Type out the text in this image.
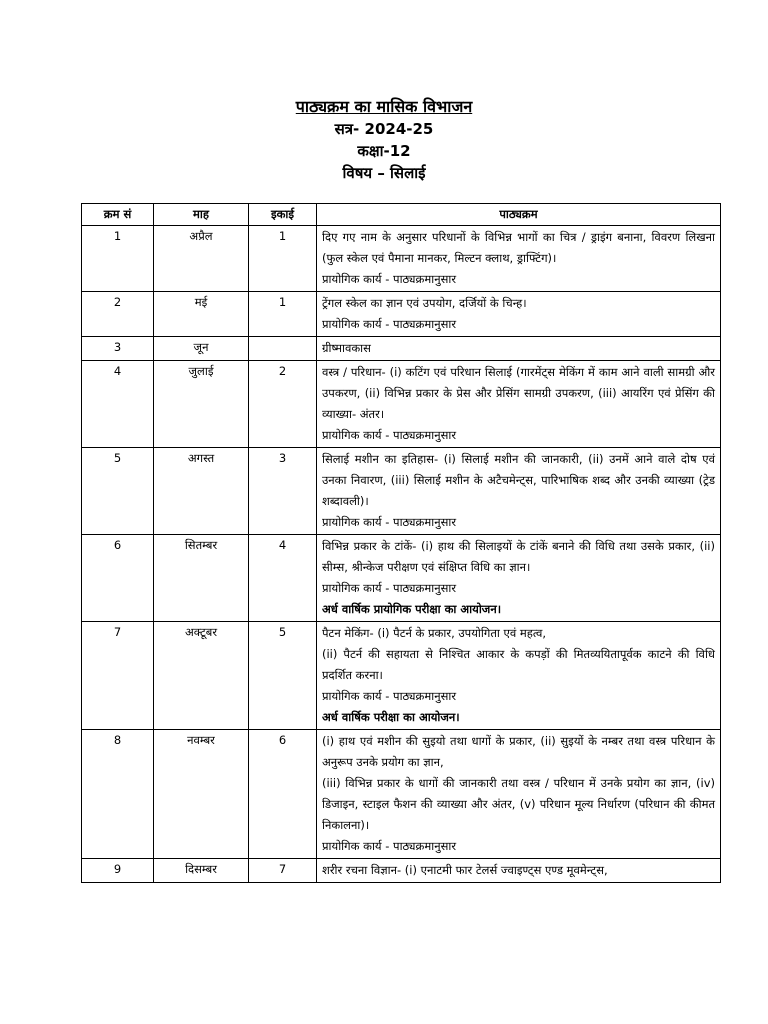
पाठ्यक्रम का मासिक विभाजन
सत्र- 2024-25
कक्षा-12
विषय – सिलाई
क्रम सं	माह	इकाई	पाठ्यक्रम
1	अप्रैल	1	दिए गए नाम के अनुसार परिधानों के विभिन्न भागों का चित्र / ड्राइंग बनाना, विवरण लिखना (फुल स्केल एवं पैमाना मानकर, मिल्टन क्लाथ, ड्राफ्टिंग)।
प्रायोगिक कार्य - पाठ्यक्रमानुसार

2	मई	1	ट्रेंगल स्केल का ज्ञान एवं उपयोग, दर्जियों के चिन्ह।
प्रायोगिक कार्य - पाठ्यक्रमानुसार

3	जून		ग्रीष्मावकास

4	जुलाई	2	वस्त्र / परिधान- (i) कटिंग एवं परिधान सिलाई (गारमेंट्स मेकिंग में काम आने वाली सामग्री और उपकरण, (ii) विभिन्न प्रकार के प्रेस और प्रेसिंग सामग्री उपकरण, (iii) आयरिंग एवं प्रेसिंग की व्याख्या- अंतर।
प्रायोगिक कार्य - पाठ्यक्रमानुसार

5	अगस्त	3	सिलाई मशीन का इतिहास- (i) सिलाई मशीन की जानकारी, (ii) उनमें आने वाले दोष एवं उनका निवारण, (iii) सिलाई मशीन के अटैचमेन्ट्स, पारिभाषिक शब्द और उनकी व्याख्या (ट्रेड शब्दावली)।
प्रायोगिक कार्य - पाठ्यक्रमानुसार

6	सितम्बर	4	विभिन्न प्रकार के टांकें- (i) हाथ की सिलाइयों के टांकें बनाने की विधि तथा उसके प्रकार, (ii) सीम्स, श्रीन्केज परीक्षण एवं संक्षिप्त विधि का ज्ञान।
प्रायोगिक कार्य - पाठ्यक्रमानुसार
अर्ध वार्षिक प्रायोगिक परीक्षा का आयोजन।

7	अक्टूबर	5	पैटन मेकिंग- (i) पैटर्न के प्रकार, उपयोगिता एवं महत्व,
(ii) पैटर्न की सहायता से निश्चित आकार के कपड़ों की मितव्ययितापूर्वक काटने की विधि प्रदर्शित करना।
प्रायोगिक कार्य - पाठ्यक्रमानुसार
अर्ध वार्षिक परीक्षा का आयोजन।

8	नवम्बर	6	(i) हाथ एवं मशीन की सुइयो तथा धागों के प्रकार, (ii) सुइयों के नम्बर तथा वस्त्र परिधान के अनुरूप उनके प्रयोग का ज्ञान,
(iii) विभिन्न प्रकार के धागों की जानकारी तथा वस्त्र / परिधान में उनके प्रयोग का ज्ञान, (iv) डिजाइन, स्टाइल फैशन की व्याख्या और अंतर, (v) परिधान मूल्य निर्धारण (परिधान की कीमत निकालना)।
प्रायोगिक कार्य - पाठ्यक्रमानुसार

9	दिसम्बर	7	शरीर रचना विज्ञान- (i) एनाटमी फार टेलर्स ज्वाइण्ट्स एण्ड मूवमेन्ट्स,
